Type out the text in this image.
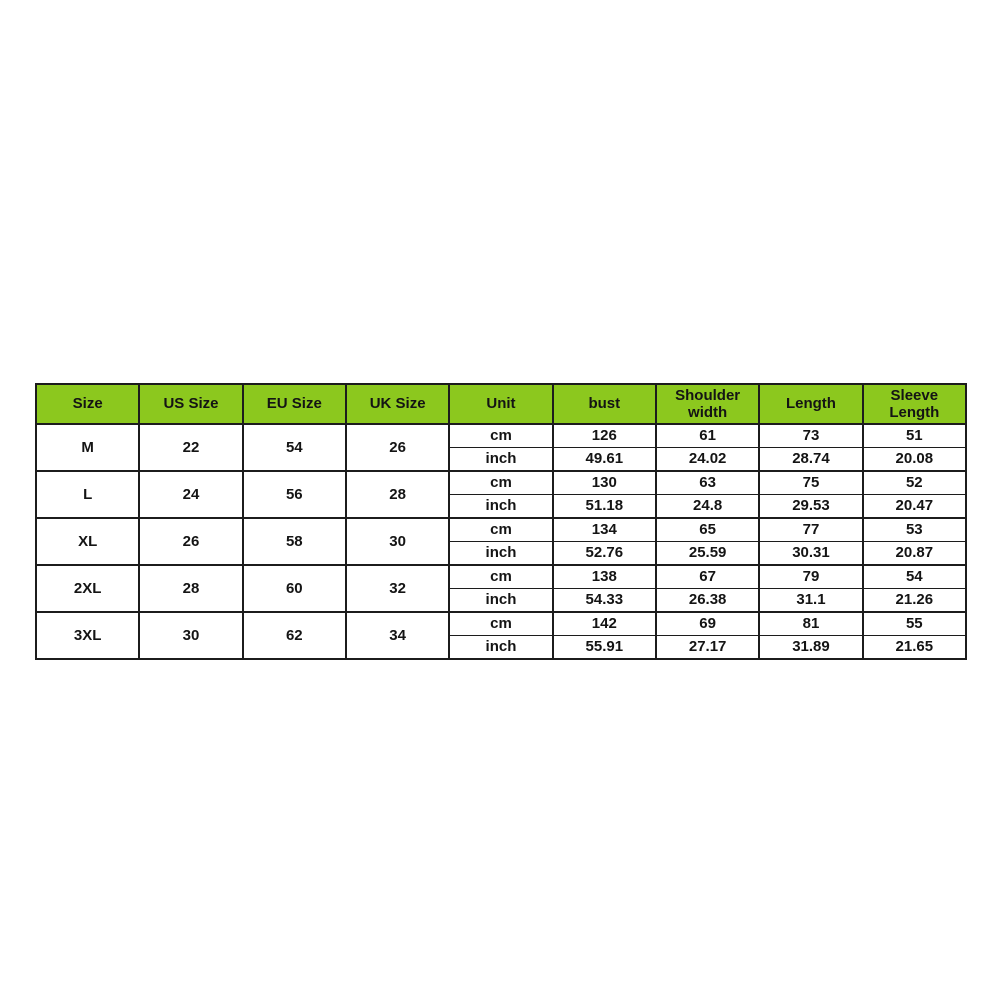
Size	US Size	EU Size	UK Size	Unit	bust	Shoulder width	Length	Sleeve Length
M	22	54	26	cm	126	61	73	51
				inch	49.61	24.02	28.74	20.08
L	24	56	28	cm	130	63	75	52
				inch	51.18	24.8	29.53	20.47
XL	26	58	30	cm	134	65	77	53
				inch	52.76	25.59	30.31	20.87
2XL	28	60	32	cm	138	67	79	54
				inch	54.33	26.38	31.1	21.26
3XL	30	62	34	cm	142	69	81	55
				inch	55.91	27.17	31.89	21.65
